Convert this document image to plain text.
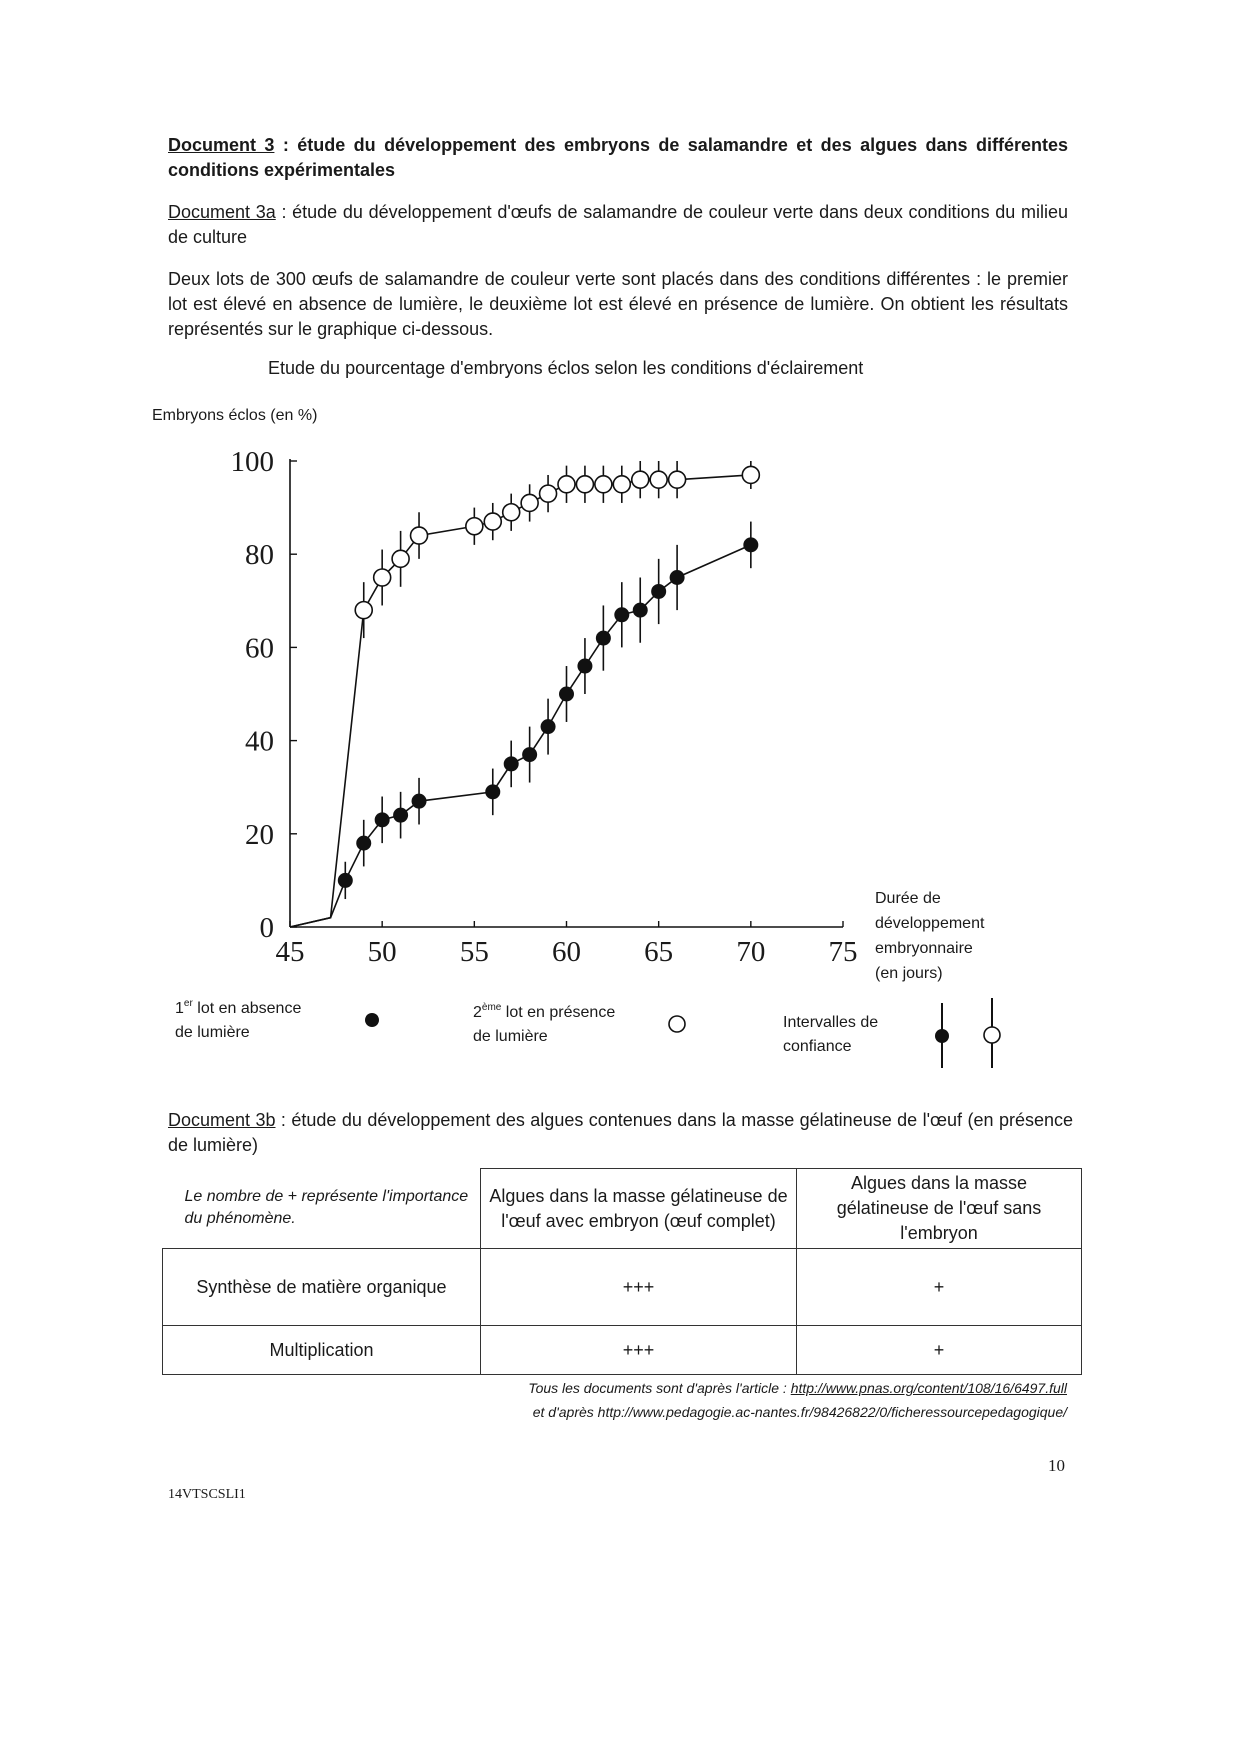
Document 3 : étude du développement des embryons de salamandre et des algues dans différentes conditions expérimentales
Document 3a : étude du développement d'œufs de salamandre de couleur verte dans deux conditions du milieu de culture
Deux lots de 300 œufs de salamandre de couleur verte sont placés dans des conditions différentes : le premier lot est élevé en absence de lumière, le deuxième lot est élevé en présence de lumière. On obtient les résultats représentés sur le graphique ci-dessous.
Etude du pourcentage d'embryons éclos selon les conditions d'éclairement
Embryons éclos (en %)
45 50 55 60 65 70 75
0
20
40
60
80
100
Durée de
développement
embryonnaire
(en jours)
1er lot en absence
de lumière
2ème lot en présence
de lumière
Intervalles de
confiance
Document 3b : étude du développement des algues contenues dans la masse gélatineuse de l'œuf (en présence de lumière)
Le nombre de + représente l'importance du phénomène.	Algues dans la masse gélatineuse de l'œuf avec embryon (œuf complet)	Algues dans la masse gélatineuse de l'œuf sans l'embryon
Synthèse de matière organique	+++	+
Multiplication	+++	+
Tous les documents sont d'après l'article : http://www.pnas.org/content/108/16/6497.full
et d'après http://www.pedagogie.ac-nantes.fr/98426822/0/ficheressourcepedagogique/
10
14VTSCSLI1
